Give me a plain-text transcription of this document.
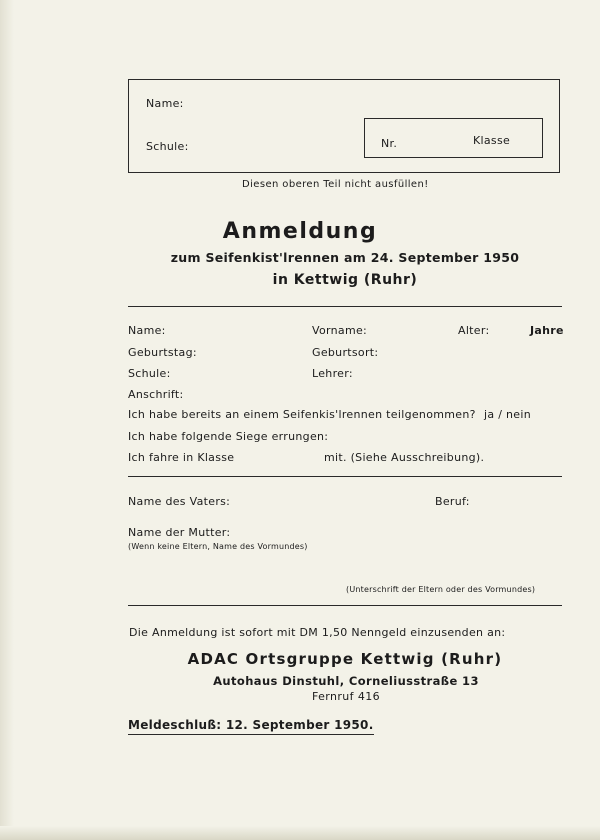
Name:
Schule:	Nr.	Klasse
Diesen oberen Teil nicht ausfüllen!
Anmeldung
zum Seifenkist'lrennen am 24. September 1950
in Kettwig (Ruhr)
Name:	Vorname:	Alter:	Jahre
Geburtstag:	Geburtsort:
Schule:	Lehrer:
Anschrift:
Ich habe bereits an einem Seifenkis'lrennen teilgenommen? ja / nein
Ich habe folgende Siege errungen:
Ich fahre in Klasse	mit. (Siehe Ausschreibung).
Name des Vaters:	Beruf:
Name der Mutter:
(Wenn keine Eltern, Name des Vormundes)
(Unterschrift der Eltern oder des Vormundes)
Die Anmeldung ist sofort mit DM 1,50 Nenngeld einzusenden an:
ADAC Ortsgruppe Kettwig (Ruhr)
Autohaus Dinstuhl, Corneliusstraße 13
Fernruf 416
Meldeschluß: 12. September 1950.
